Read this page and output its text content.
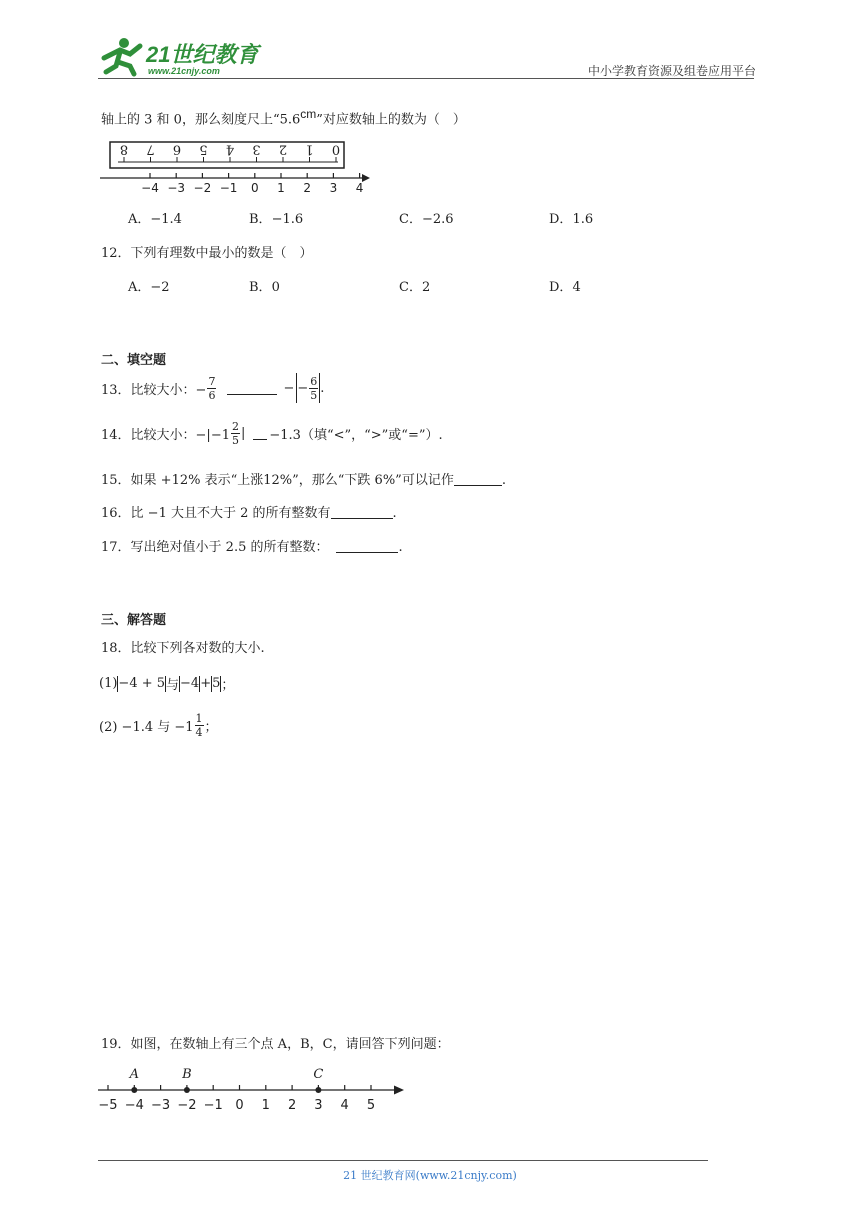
21世纪教育
www.21cnjy.com	中小学教育资源及组卷应用平台
轴上的 3 和 0，那么刻度尺上“$5.6^{cm}$”对应数轴上的数为（　）
8 7 6 5 4 3 2 1 0
−4 −3 −2 −1 0 1 2 3 4
A．−1.4	B．−1.6	C．−2.6	D．1.6
12．下列有理数中最小的数是（　）
A．−2	B．0	C．2	D．4
二、填空题
13．比较大小：− $\frac{7}{6}$	− − $\frac{6}{5}$ .
14．比较大小：$-|-1 \frac{2}{5}$ | −1.3（填“<”，“>”或“=”）.
15．如果 +12% 表示“上涨12%”，那么“下跌 6%”可以记作	.
16．比 −1 大且不大于 2 的所有整数有	.
17．写出绝对值小于 2.5 的所有整数：	.
三、解答题
18．比较下列各对数的大小.
(1) −4 + 5 与 −4 + 5 ；
(2) −1.4 与 $-1 \frac{1}{4}$ ；
19．如图，在数轴上有三个点 A，B，C，请回答下列问题：
−5 −4 −3 −2 −1 0 1 2 3 4 5
A	B	C
21 世纪教育网(www.21cnjy.com)
